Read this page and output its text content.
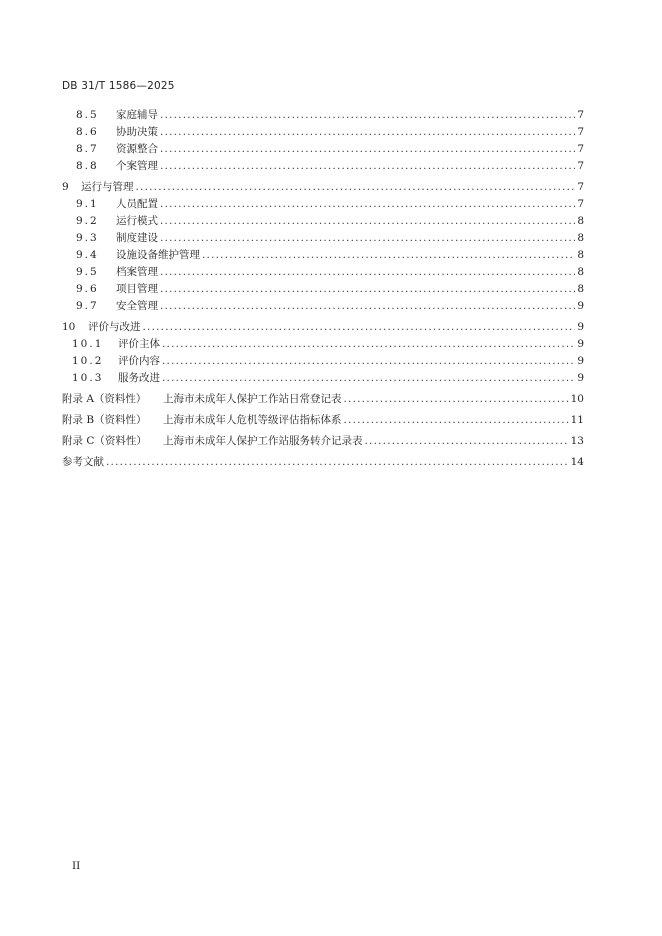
DB 31/T 1586—2025
8.5	家庭辅导 .....	7
8.6	协助决策 .....	7
8.7	资源整合 .....	7
8.8	个案管理 .....	7
9	运行与管理 .....	7
9.1	人员配置 .....	7
9.2	运行模式 .....	8
9.3	制度建设 .....	8
9.4	设施设备维护管理 .....	8
9.5	档案管理 .....	8
9.6	项目管理 .....	8
9.7	安全管理 .....	9
10	评价与改进 .....	9
10.1	评价主体 .....	9
10.2	评价内容 .....	9
10.3	服务改进 .....	9
附录 A（资料性）	上海市未成年人保护工作站日常登记表 .....	10
附录 B（资料性）	上海市未成年人危机等级评估指标体系 .....	11
附录 C（资料性）	上海市未成年人保护工作站服务转介记录表 .....	13
参考文献 .....	14
II
